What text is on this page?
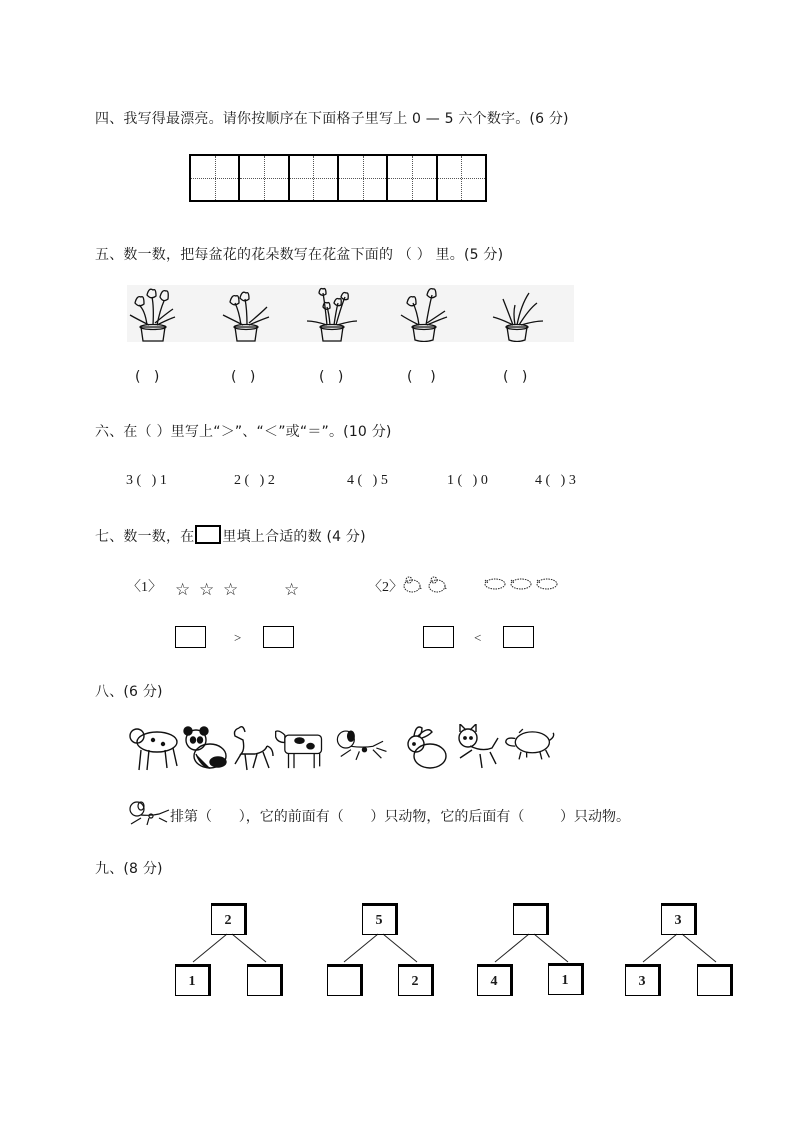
四、我写得最漂亮。请你按顺序在下面格子里写上 0 — 5 六个数字。(6 分)
五、数一数，把每盆花的花朵数写在花盆下面的 （ ） 里。(5 分)
(   )	(   )	(   )	(    )	(   )
六、在（ ）里写上“＞”、“＜”或“＝”。(10 分)
3 (   ) 1	2 (   ) 2	4 (   ) 5	1 (   ) 0	4 (   ) 3
七、数一数，在 里填上合适的数 (4 分)
〈1〉 ☆ ☆ ☆	☆	〈2〉
>	<
八、(6 分)
排第（      ），它的前面有（      ）只动物，它的后面有（        ）只动物。
九、(8 分)
2
1
5
2	4	1
3
3
